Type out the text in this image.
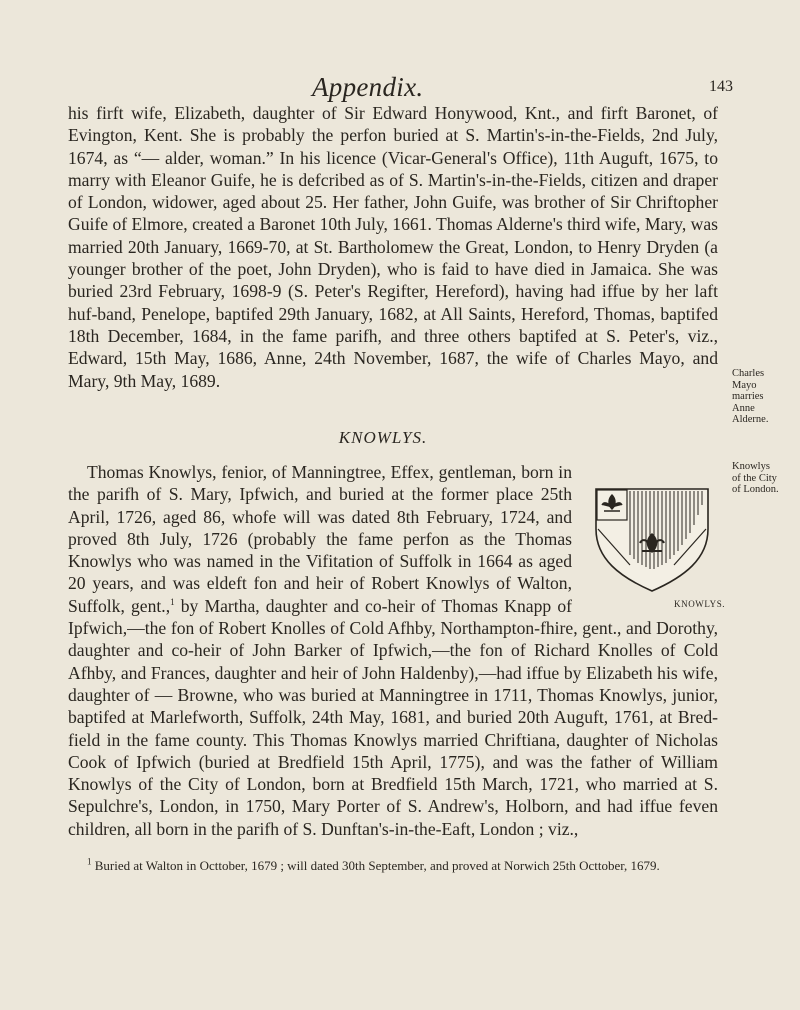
Appendix.	143

his firft wife, Elizabeth, daughter of Sir Edward Honywood, Knt., and firft Baronet, of Evington, Kent. She is probably the perfon buried at S. Martin's-in-the-Fields, 2nd July, 1674, as “— alder, woman.” In his licence (Vicar-General's Office), 11th Auguft, 1675, to marry with Eleanor Guife, he is defcribed as of S. Martin's-in-the-Fields, citizen and draper of London, widower, aged about 25. Her father, John Guife, was brother of Sir Chriftopher Guife of Elmore, created a Baronet 10th July, 1661. Thomas Alderne's third wife, Mary, was married 20th January, 1669-70, at St. Bartholomew the Great, London, to Henry Dryden (a younger brother of the poet, John Dryden), who is faid to have died in Jamaica. She was buried 23rd February, 1698-9 (S. Peter's Regifter, Hereford), having had iffue by her laft huf-band, Penelope, baptifed 29th January, 1682, at All Saints, Hereford, Thomas, baptifed 18th December, 1684, in the fame parifh, and three others baptifed at S. Peter's, viz., Edward, 15th May, 1686, Anne, 24th November, 1687, the wife of Charles Mayo, and Mary, 9th May, 1689.	Charles
Mayo
marries
Anne
Alderne.
KNOWLYS.
Knowlys
of the City
of London.
KNOWLYS.
Thomas Knowlys, fenior, of Manningtree, Effex, gentleman, born in the parifh of S. Mary, Ipfwich, and buried at the former place 25th April, 1726, aged 86, whofe will was dated 8th February, 1724, and proved 8th July, 1726 (probably the fame perfon as the Thomas Knowlys who was named in the Vifitation of Suffolk in 1664 as aged 20 years, and was eldeft fon and heir of Robert Knowlys of Walton, Suffolk, gent.,$^1$ by Martha, daughter and co-heir of Thomas Knapp of Ipfwich,—the fon of Robert Knolles of Cold Afhby, Northampton-fhire, gent., and Dorothy, daughter and co-heir of John Barker of Ipfwich,—the fon of Richard Knolles of Cold Afhby, and Frances, daughter and heir of John Haldenby),—had iffue by Elizabeth his wife, daughter of — Browne, who was buried at Manningtree in 1711, Thomas Knowlys, junior, baptifed at Marlefworth, Suffolk, 24th May, 1681, and buried 20th Auguft, 1761, at Bred-field in the fame county. This Thomas Knowlys married Chriftiana, daughter of Nicholas Cook of Ipfwich (buried at Bredfield 15th April, 1775), and was the father of William Knowlys of the City of London, born at Bredfield 15th March, 1721, who married at S. Sepulchre's, London, in 1750, Mary Porter of S. Andrew's, Holborn, and had iffue feven children, all born in the parifh of S. Dunftan's-in-the-Eaft, London ; viz.,
$^1$ Buried at Walton in Octtober, 1679 ; will dated 30th September, and proved at Norwich 25th Octtober, 1679.
